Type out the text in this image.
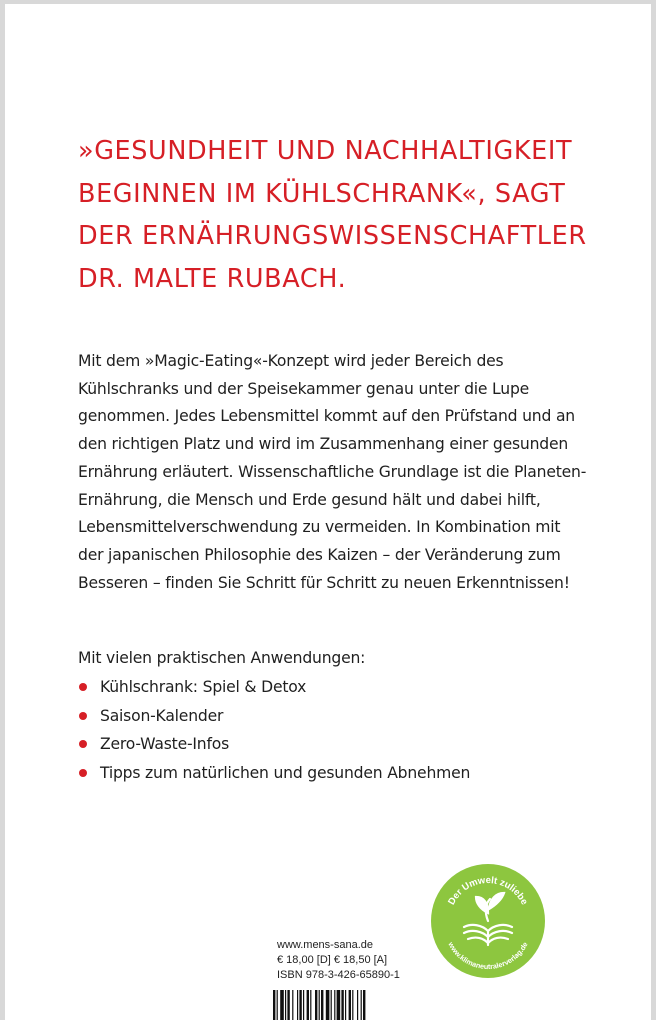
»GESUNDHEIT UND NACHHALTIGKEIT
BEGINNEN IM KÜHLSCHRANK«, SAGT
DER ERNÄHRUNGSWISSENSCHAFTLER
DR. MALTE RUBACH.

Mit dem »Magic-Eating«-Konzept wird jeder Bereich des
Kühlschranks und der Speisekammer genau unter die Lupe
genommen. Jedes Lebensmittel kommt auf den Prüfstand und an
den richtigen Platz und wird im Zusammenhang einer gesunden
Ernährung erläutert. Wissenschaftliche Grundlage ist die Planeten-
Ernährung, die Mensch und Erde gesund hält und dabei hilft,
Lebensmittelverschwendung zu vermeiden. In Kombination mit
der japanischen Philosophie des Kaizen – der Veränderung zum
Besseren – finden Sie Schritt für Schritt zu neuen Erkenntnissen!

Mit vielen praktischen Anwendungen:

Kühlschrank: Spiel & Detox
Saison-Kalender
Zero-Waste-Infos
Tipps zum natürlichen und gesunden Abnehmen
www.mens-sana.de
€ 18,00 [D] € 18,50 [A]
ISBN 978-3-426-65890-1
Der Umwelt zuliebe
www.klimaneutralerverlag.de
